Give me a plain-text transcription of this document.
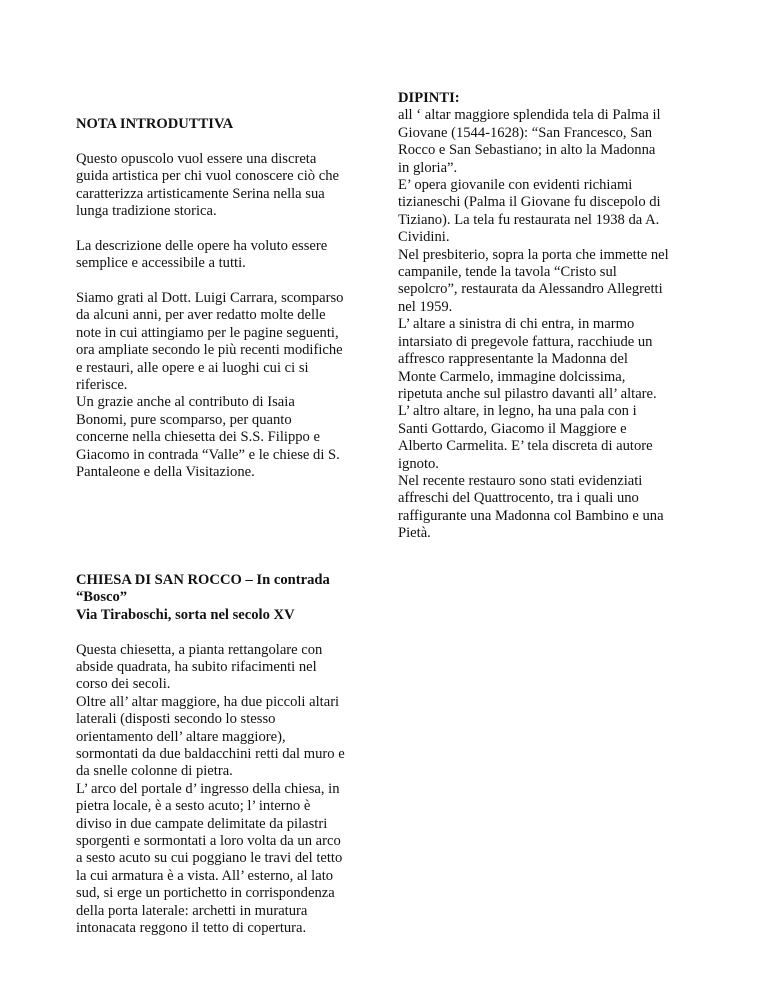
NOTA INTRODUTTIVA

Questo opuscolo vuol essere una discreta
guida artistica per chi vuol conoscere ciò che
caratterizza artisticamente Serina nella sua
lunga tradizione storica.

La descrizione delle opere ha voluto essere
semplice e accessibile a tutti.

Siamo grati al Dott. Luigi Carrara, scomparso
da alcuni anni, per aver redatto molte delle
note in cui attingiamo per le pagine seguenti,
ora ampliate secondo le più recenti modifiche
e restauri, alle opere e ai luoghi cui ci si
riferisce.
Un grazie anche al contributo di Isaia
Bonomi, pure scomparso, per quanto
concerne nella chiesetta dei S.S. Filippo e
Giacomo in contrada “Valle” e le chiese di S.
Pantaleone e della Visitazione.

CHIESA DI SAN ROCCO – In contrada
“Bosco”
Via Tiraboschi, sorta nel secolo XV

Questa chiesetta, a pianta rettangolare con
abside quadrata, ha subito rifacimenti nel
corso dei secoli.
Oltre all’ altar maggiore, ha due piccoli altari
laterali (disposti secondo lo stesso
orientamento dell’ altare maggiore),
sormontati da due baldacchini retti dal muro e
da snelle colonne di pietra.
L’ arco del portale d’ ingresso della chiesa, in
pietra locale, è a sesto acuto; l’ interno è
diviso in due campate delimitate da pilastri
sporgenti e sormontati a loro volta da un arco
a sesto acuto su cui poggiano le travi del tetto
la cui armatura è a vista. All’ esterno, al lato
sud, si erge un portichetto in corrispondenza
della porta laterale: archetti in muratura
intonacata reggono il tetto di copertura.

DIPINTI:

all ‘ altar maggiore splendida tela di Palma il
Giovane (1544-1628): “San Francesco, San
Rocco e San Sebastiano; in alto la Madonna
in gloria”.
E’ opera giovanile con evidenti richiami
tizianeschi (Palma il Giovane fu discepolo di
Tiziano). La tela fu restaurata nel 1938 da A.
Cividini.
Nel presbiterio, sopra la porta che immette nel
campanile, tende la tavola “Cristo sul
sepolcro”, restaurata da Alessandro Allegretti
nel 1959.
L’ altare a sinistra di chi entra, in marmo
intarsiato di pregevole fattura, racchiude un
affresco rappresentante la Madonna del
Monte Carmelo, immagine dolcissima,
ripetuta anche sul pilastro davanti all’ altare.
L’ altro altare, in legno, ha una pala con i
Santi Gottardo, Giacomo il Maggiore e
Alberto Carmelita. E’ tela discreta di autore
ignoto.
Nel recente restauro sono stati evidenziati
affreschi del Quattrocento, tra i quali uno
raffigurante una Madonna col Bambino e una
Pietà.
